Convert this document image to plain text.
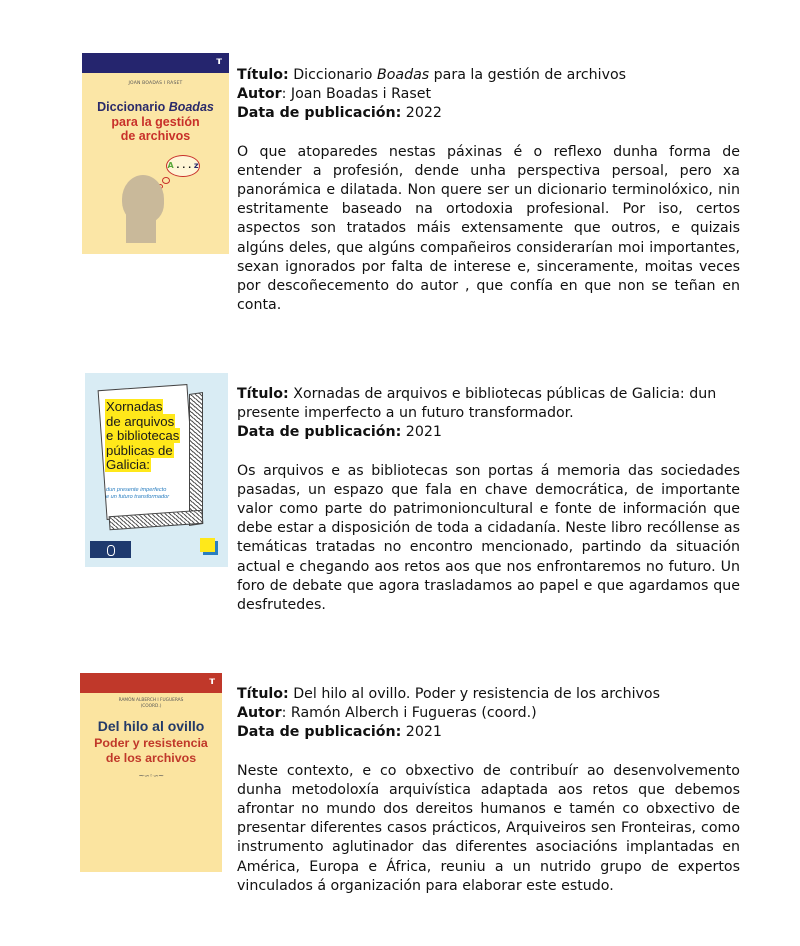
т
JOAN BOADAS I RASET
Diccionario Boadas
para la gestión
de archivos
A . . . z

Título: Diccionario Boadas para la gestión de archivos

Autor: Joan Boadas i Raset

Data de publicación: 2022

O que atoparedes nestas páxinas é o reflexo dunha forma de entender a profesión, dende unha perspectiva persoal, pero xa panorámica e dilatada. Non quere ser un dicionario terminolóxico, nin estritamente baseado na ortodoxia profesional. Por iso, certos aspectos son tratados máis extensamente que outros, e quizais algúns deles, que algúns compañeiros considerarían moi importantes, sexan ignorados por falta de interese e, sinceramente, moitas veces por descoñecemento do autor , que confía en que non se teñan en conta.

Xornadas
de arquivos
e bibliotecas
públicas de
Galicia:
dun presente imperfecto
e un futuro transformador

Título: Xornadas de arquivos e bibliotecas públicas de Galicia: dun presente imperfecto a un futuro transformador.

Data de publicación: 2021

Os arquivos e as bibliotecas son portas á memoria das sociedades pasadas, un espazo que fala en chave democrática, de importante valor como parte do patrimonioncultural e fonte de información que debe estar a disposición de toda a cidadanía. Neste libro recóllense as temáticas tratadas no encontro mencionado, partindo da situación actual e chegando aos retos aos que nos enfrontaremos no futuro. Un foro de debate que agora trasladamos ao papel e que agardamos que desfrutedes.

т
RAMÓN ALBERCH I FUGUERAS
(COORD.)
Del hilo al ovillo
Poder y resistencia
de los archivos
~∽◦∽~

Título: Del hilo al ovillo. Poder y resistencia de los archivos

Autor: Ramón Alberch i Fugueras (coord.)

Data de publicación: 2021

Neste contexto, e co obxectivo de contribuír ao desenvolvemento dunha metodoloxía arquivística adaptada aos retos que debemos afrontar no mundo dos dereitos humanos e tamén co obxectivo de presentar diferentes casos prácticos, Arquiveiros sen Fronteiras, como instrumento aglutinador das diferentes asociacións implantadas en América, Europa e África, reuniu a un nutrido grupo de expertos vinculados á organización para elaborar este estudo.
